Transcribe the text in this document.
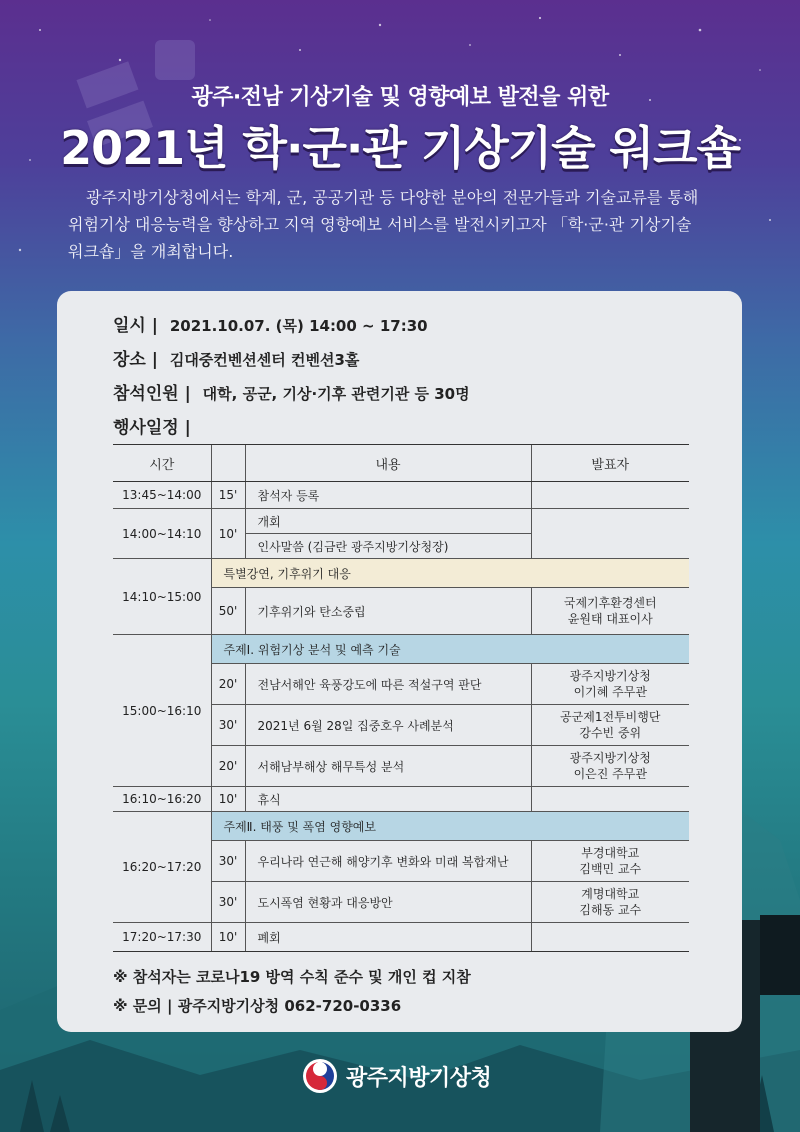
광주·전남 기상기술 및 영향예보 발전을 위한
2021년 학·군·관 기상기술 워크숍
광주지방기상청에서는 학계, 군, 공공기관 등 다양한 분야의 전문가들과 기술교류를 통해
위험기상 대응능력을 향상하고 지역 영향예보 서비스를 발전시키고자 「학·군·관 기상기술
워크숍」을 개최합니다.
일시 | 2021.10.07. (목) 14:00 ~ 17:30
장소 | 김대중컨벤션센터 컨벤션3홀
참석인원 | 대학, 공군, 기상·기후 관련기관 등 30명
행사일정 |
시간		내용	발표자
13:45~14:00	15'	참석자 등록	
14:00~14:10	10'	개회	
		인사말씀 (김금란 광주지방기상청장)	
14:10~15:00	특별강연, 기후위기 대응		
	50'	기후위기와 탄소중립	국제기후환경센터
윤원태 대표이사

15:00~16:10	주제Ⅰ. 위험기상 분석 및 예측 기술		
	20'	전남서해안 육풍강도에 따른 적설구역 판단	광주지방기상청
이기혜 주무관

	30'	2021년 6월 28일 집중호우 사례분석	공군제1전투비행단
강수빈 중위

	20'	서해남부해상 해무특성 분석	광주지방기상청
이은진 주무관

16:10~16:20	10'	휴식	
16:20~17:20	주제Ⅱ. 태풍 및 폭염 영향예보		
	30'	우리나라 연근해 해양기후 변화와 미래 복합재난	부경대학교
김백민 교수

	30'	도시폭염 현황과 대응방안	계명대학교
김해동 교수

17:20~17:30	10'	폐회	
※ 참석자는 코로나19 방역 수칙 준수 및 개인 컵 지참
※ 문의 | 광주지방기상청 062-720-0336
광주지방기상청
